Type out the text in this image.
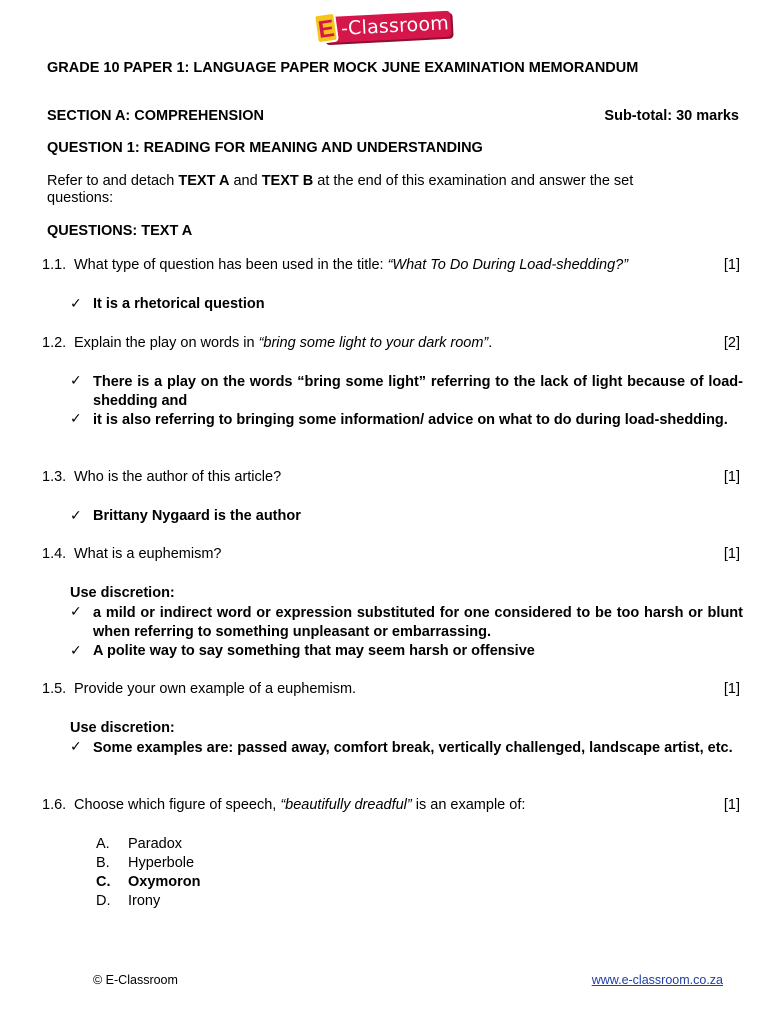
E -Classroom
GRADE 10 PAPER 1: LANGUAGE PAPER MOCK JUNE EXAMINATION MEMORANDUM
SECTION A: COMPREHENSION	Sub-total: 30 marks
QUESTION 1: READING FOR MEANING AND UNDERSTANDING
Refer to and detach TEXT A and TEXT B at the end of this examination and answer the set
questions:
QUESTIONS: TEXT A
1.1. What type of question has been used in the title: “What To Do During Load-shedding?”	[1]
✓ It is a rhetorical question
1.2. Explain the play on words in “bring some light to your dark room”.	[2]
✓ There is a play on the words “bring some light” referring to the lack of light because of load-shedding and
✓ it is also referring to bringing some information/ advice on what to do during load-shedding.
1.3. Who is the author of this article?	[1]
✓ Brittany Nygaard is the author
1.4. What is a euphemism?	[1]
Use discretion:
✓ a mild or indirect word or expression substituted for one considered to be too harsh or blunt when referring to something unpleasant or embarrassing.
✓ A polite way to say something that may seem harsh or offensive
1.5. Provide your own example of a euphemism.	[1]
Use discretion:
✓ Some examples are: passed away, comfort break, vertically challenged, landscape artist, etc.
1.6. Choose which figure of speech, “beautifully dreadful” is an example of:	[1]
A. Paradox
B. Hyperbole
C. Oxymoron
D. Irony
© E-Classroom	www.e-classroom.co.za
